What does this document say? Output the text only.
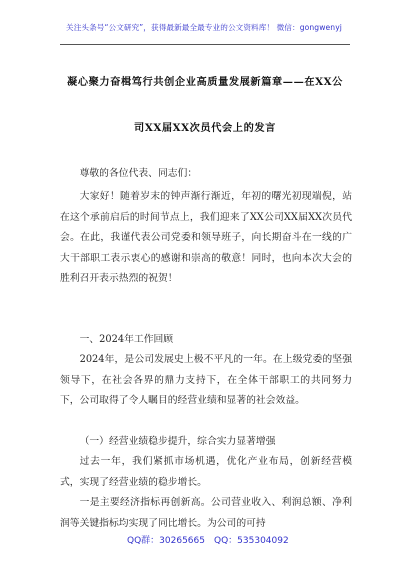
关注头条号“公文研究”，获得最新最全最专业的公文资料库！ 微信：gongwenyj
凝心聚力奋楫笃行共创企业高质量发展新篇章——在XX公
司XX届XX次员代会上的发言

尊敬的各位代表、同志们：

大家好！随着岁末的钟声渐行渐近，年初的曙光初现端倪，站在这个承前启后的时间节点上，我们迎来了XX公司XX届XX次员代会。在此，我谨代表公司党委和领导班子，向长期奋斗在一线的广大干部职工表示衷心的感谢和崇高的敬意！同时，也向本次大会的胜利召开表示热烈的祝贺！

一、2024年工作回顾

2024年，是公司发展史上极不平凡的一年。在上级党委的坚强领导下，在社会各界的鼎力支持下，在全体干部职工的共同努力下，公司取得了令人瞩目的经营业绩和显著的社会效益。

（一）经营业绩稳步提升，综合实力显著增强

过去一年，我们紧抓市场机遇，优化产业布局，创新经营模式，实现了经营业绩的稳步增长。

一是主要经济指标再创新高。公司营业收入、利润总额、净利润等关键指标均实现了同比增长。为公司的可持

QQ群：30265665 QQ：535304092
